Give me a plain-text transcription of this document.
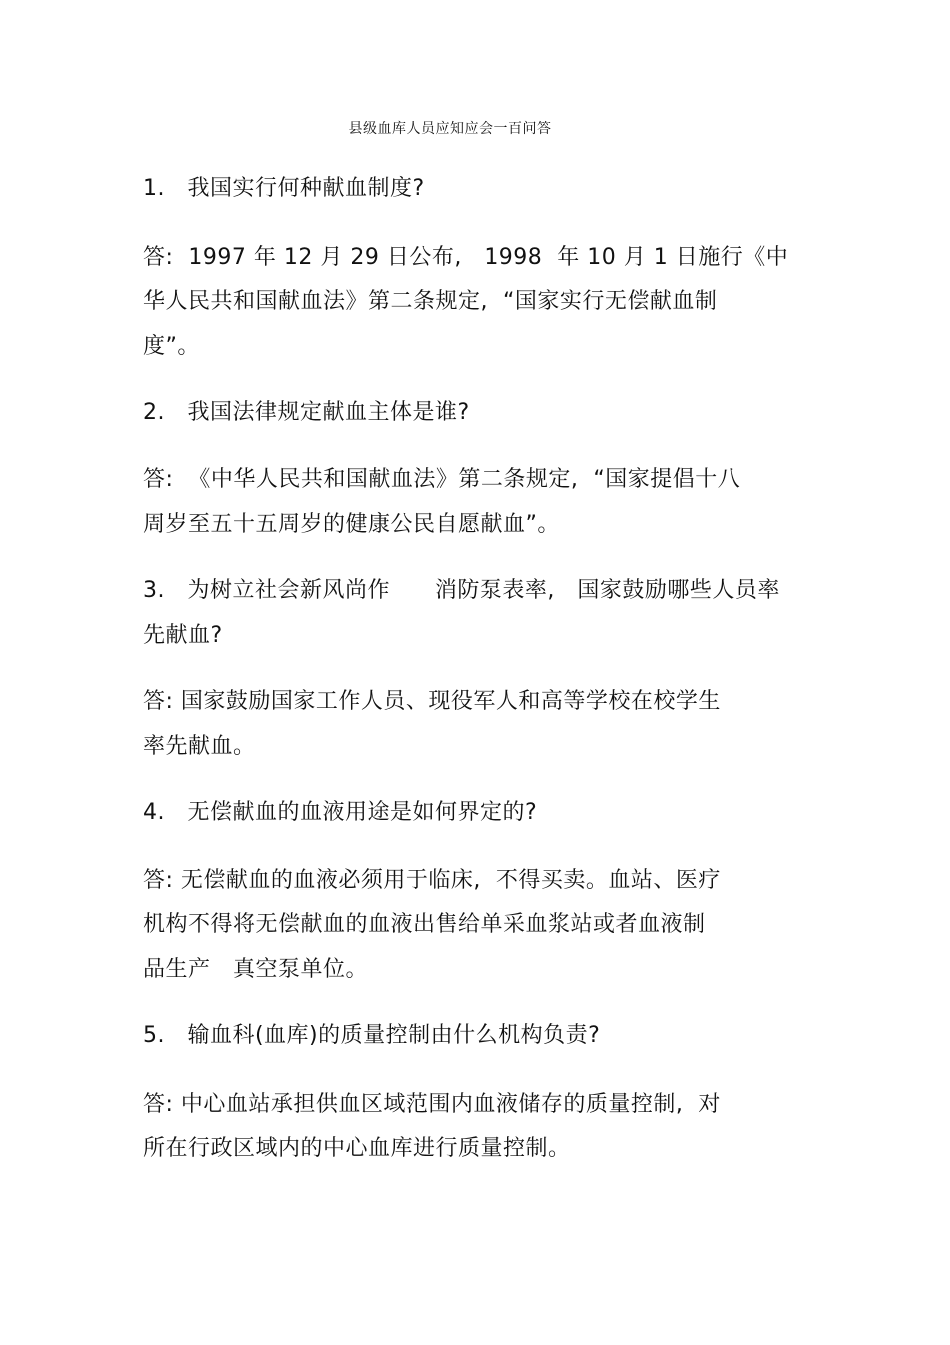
县级血库人员应知应会一百问答
1.   我国实行何种献血制度?
答:  1997 年 12 月 29 日公布,   1998  年 10 月 1 日施行《中
华人民共和国献血法》第二条规定,  “国家实行无偿献血制
度”。
2.   我国法律规定献血主体是谁?
答:  《中华人民共和国献血法》第二条规定,  “国家提倡十八
周岁至五十五周岁的健康公民自愿献血”。
3.   为树立社会新风尚作      消防泵表率,   国家鼓励哪些人员率
先献血?
答: 国家鼓励国家工作人员、现役军人和高等学校在校学生
率先献血。
4.   无偿献血的血液用途是如何界定的?
答: 无偿献血的血液必须用于临床,  不得买卖。血站、医疗
机构不得将无偿献血的血液出售给单采血浆站或者血液制
品生产   真空泵单位。
5.   输血科(血库)的质量控制由什么机构负责?
答: 中心血站承担供血区域范围内血液储存的质量控制,  对
所在行政区域内的中心血库进行质量控制。
